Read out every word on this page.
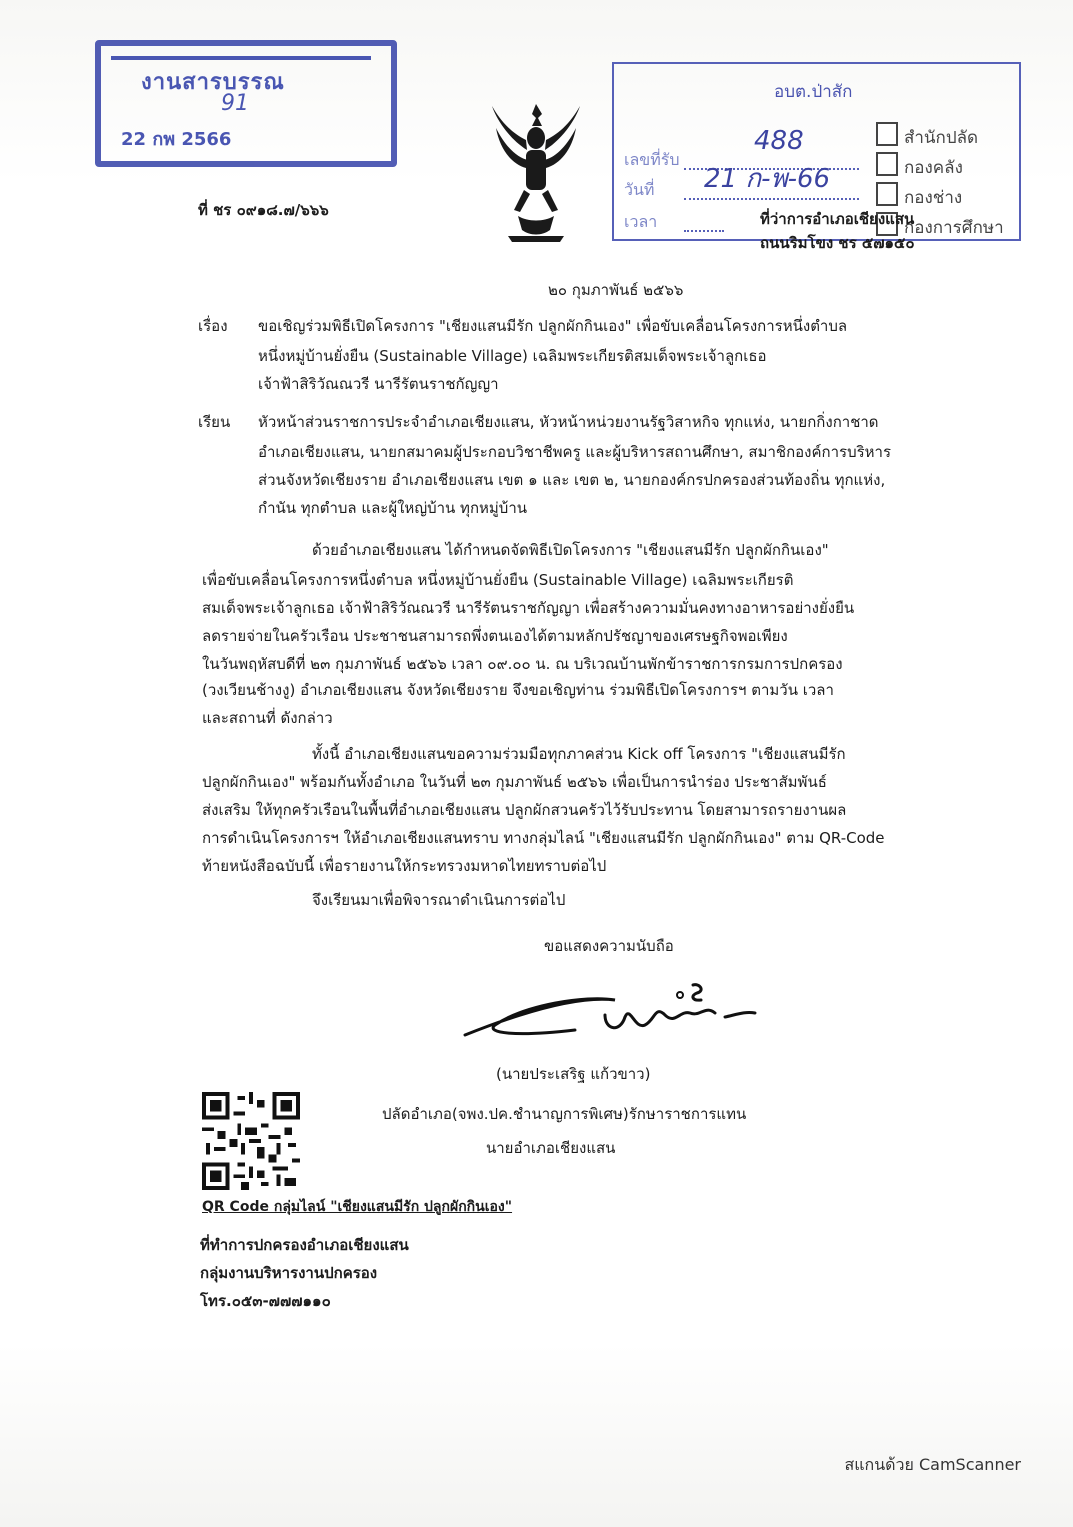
งานสารบรรณ
91
22 กพ 2566
ที่ ชร ๐๙๑๘.๗/๖๖๖
อบต.ป่าสัก
เลขที่รับ
488
วันที่ 21 ก-พ-66
เวลา
สำนักปลัด
กองคลัง
กองช่าง
กองการศึกษา
ที่ว่าการอำเภอเชียงแสน
ถนนริมโขง ชร ๕๗๑๕๐
๒๐ กุมภาพันธ์ ๒๕๖๖
เรื่อง ขอเชิญร่วมพิธีเปิดโครงการ "เชียงแสนมีรัก ปลูกผักกินเอง" เพื่อขับเคลื่อนโครงการหนึ่งตำบล
หนึ่งหมู่บ้านยั่งยืน (Sustainable Village) เฉลิมพระเกียรติสมเด็จพระเจ้าลูกเธอ
เจ้าฟ้าสิริวัณณวรี นารีรัตนราชกัญญา
เรียน หัวหน้าส่วนราชการประจำอำเภอเชียงแสน, หัวหน้าหน่วยงานรัฐวิสาหกิจ ทุกแห่ง, นายกกิ่งกาชาด
อำเภอเชียงแสน, นายกสมาคมผู้ประกอบวิชาชีพครู และผู้บริหารสถานศึกษา, สมาชิกองค์การบริหาร
ส่วนจังหวัดเชียงราย อำเภอเชียงแสน เขต ๑ และ เขต ๒, นายกองค์กรปกครองส่วนท้องถิ่น ทุกแห่ง,
กำนัน ทุกตำบล และผู้ใหญ่บ้าน ทุกหมู่บ้าน
ด้วยอำเภอเชียงแสน ได้กำหนดจัดพิธีเปิดโครงการ "เชียงแสนมีรัก ปลูกผักกินเอง"
เพื่อขับเคลื่อนโครงการหนึ่งตำบล หนึ่งหมู่บ้านยั่งยืน (Sustainable Village) เฉลิมพระเกียรติ
สมเด็จพระเจ้าลูกเธอ เจ้าฟ้าสิริวัณณวรี นารีรัตนราชกัญญา เพื่อสร้างความมั่นคงทางอาหารอย่างยั่งยืน
ลดรายจ่ายในครัวเรือน ประชาชนสามารถพึ่งตนเองได้ตามหลักปรัชญาของเศรษฐกิจพอเพียง
ในวันพฤหัสบดีที่ ๒๓ กุมภาพันธ์ ๒๕๖๖ เวลา ๐๙.๐๐ น. ณ บริเวณบ้านพักข้าราชการกรมการปกครอง
(วงเวียนช้างงู) อำเภอเชียงแสน จังหวัดเชียงราย จึงขอเชิญท่าน ร่วมพิธีเปิดโครงการฯ ตามวัน เวลา
และสถานที่ ดังกล่าว
ทั้งนี้ อำเภอเชียงแสนขอความร่วมมือทุกภาคส่วน Kick off โครงการ "เชียงแสนมีรัก
ปลูกผักกินเอง" พร้อมกันทั้งอำเภอ ในวันที่ ๒๓ กุมภาพันธ์ ๒๕๖๖ เพื่อเป็นการนำร่อง ประชาสัมพันธ์
ส่งเสริม ให้ทุกครัวเรือนในพื้นที่อำเภอเชียงแสน ปลูกผักสวนครัวไว้รับประทาน โดยสามารถรายงานผล
การดำเนินโครงการฯ ให้อำเภอเชียงแสนทราบ ทางกลุ่มไลน์ "เชียงแสนมีรัก ปลูกผักกินเอง" ตาม QR-Code
ท้ายหนังสือฉบับนี้ เพื่อรายงานให้กระทรวงมหาดไทยทราบต่อไป
จึงเรียนมาเพื่อพิจารณาดำเนินการต่อไป
ขอแสดงความนับถือ
(นายประเสริฐ แก้วขาว)
ปลัดอำเภอ(จพง.ปค.ชำนาญการพิเศษ)รักษาราชการแทน
นายอำเภอเชียงแสน
QR Code กลุ่มไลน์ "เชียงแสนมีรัก ปลูกผักกินเอง"
ที่ทำการปกครองอำเภอเชียงแสน
กลุ่มงานบริหารงานปกครอง
โทร.๐๕๓-๗๗๗๑๑๐
สแกนด้วย CamScanner
